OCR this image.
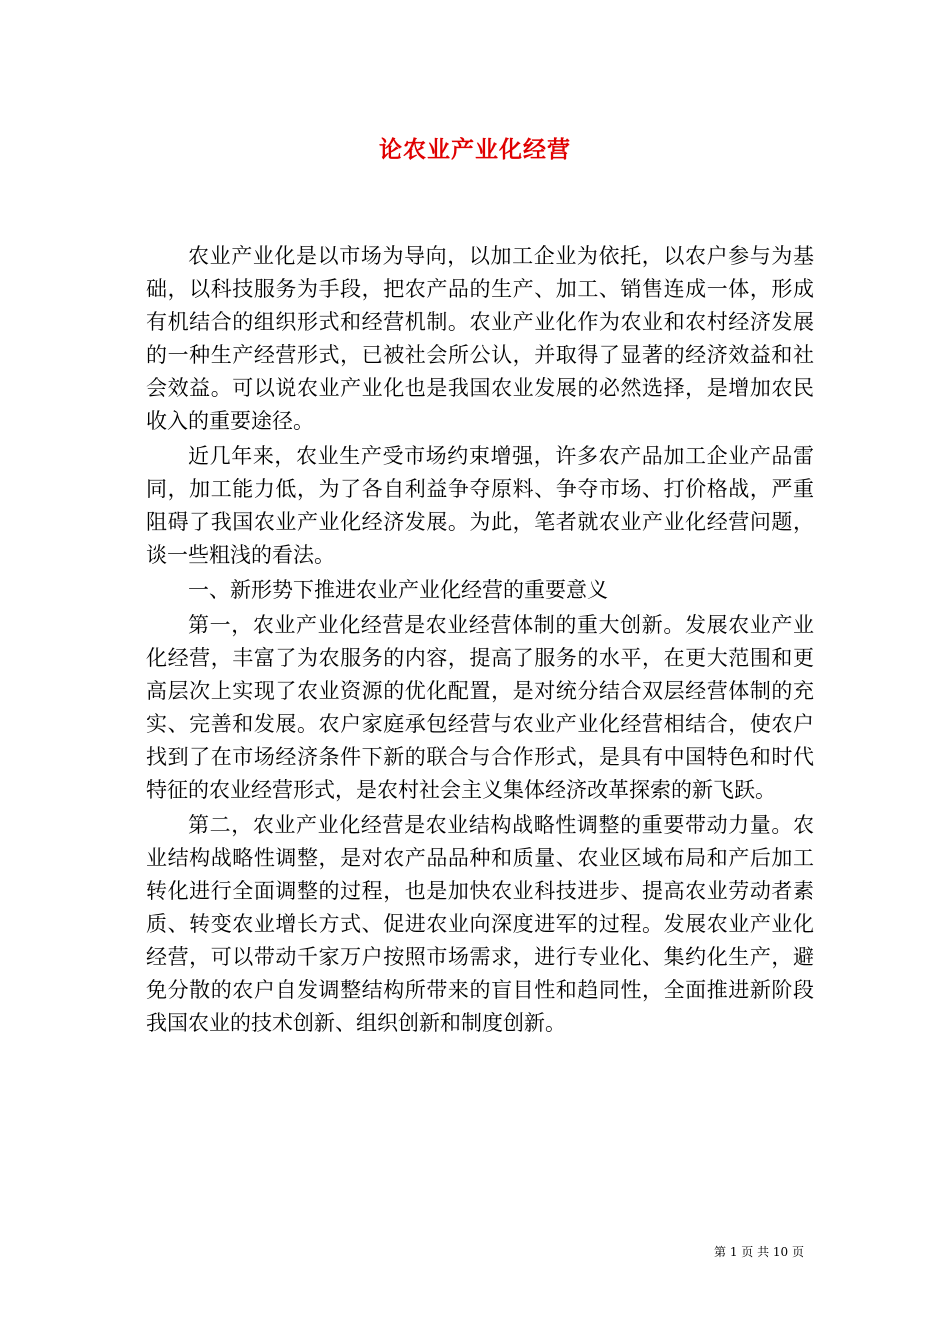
论农业产业化经营

农业产业化是以市场为导向，以加工企业为依托，以农户参与为基础，以科技服务为手段，把农产品的生产、加工、销售连成一体，形成有机结合的组织形式和经营机制。农业产业化作为农业和农村经济发展的一种生产经营形式，已被社会所公认，并取得了显著的经济效益和社会效益。可以说农业产业化也是我国农业发展的必然选择，是增加农民收入的重要途径。

近几年来，农业生产受市场约束增强，许多农产品加工企业产品雷同，加工能力低，为了各自利益争夺原料、争夺市场、打价格战，严重阻碍了我国农业产业化经济发展。为此，笔者就农业产业化经营问题，谈一些粗浅的看法。

一、新形势下推进农业产业化经营的重要意义

第一，农业产业化经营是农业经营体制的重大创新。发展农业产业化经营，丰富了为农服务的内容，提高了服务的水平，在更大范围和更高层次上实现了农业资源的优化配置，是对统分结合双层经营体制的充实、完善和发展。农户家庭承包经营与农业产业化经营相结合，使农户找到了在市场经济条件下新的联合与合作形式，是具有中国特色和时代特征的农业经营形式，是农村社会主义集体经济改革探索的新飞跃。

第二，农业产业化经营是农业结构战略性调整的重要带动力量。农业结构战略性调整，是对农产品品种和质量、农业区域布局和产后加工转化进行全面调整的过程，也是加快农业科技进步、提高农业劳动者素质、转变农业增长方式、促进农业向深度进军的过程。发展农业产业化经营，可以带动千家万户按照市场需求，进行专业化、集约化生产，避免分散的农户自发调整结构所带来的盲目性和趋同性，全面推进新阶段我国农业的技术创新、组织创新和制度创新。

第 1 页 共 10 页
